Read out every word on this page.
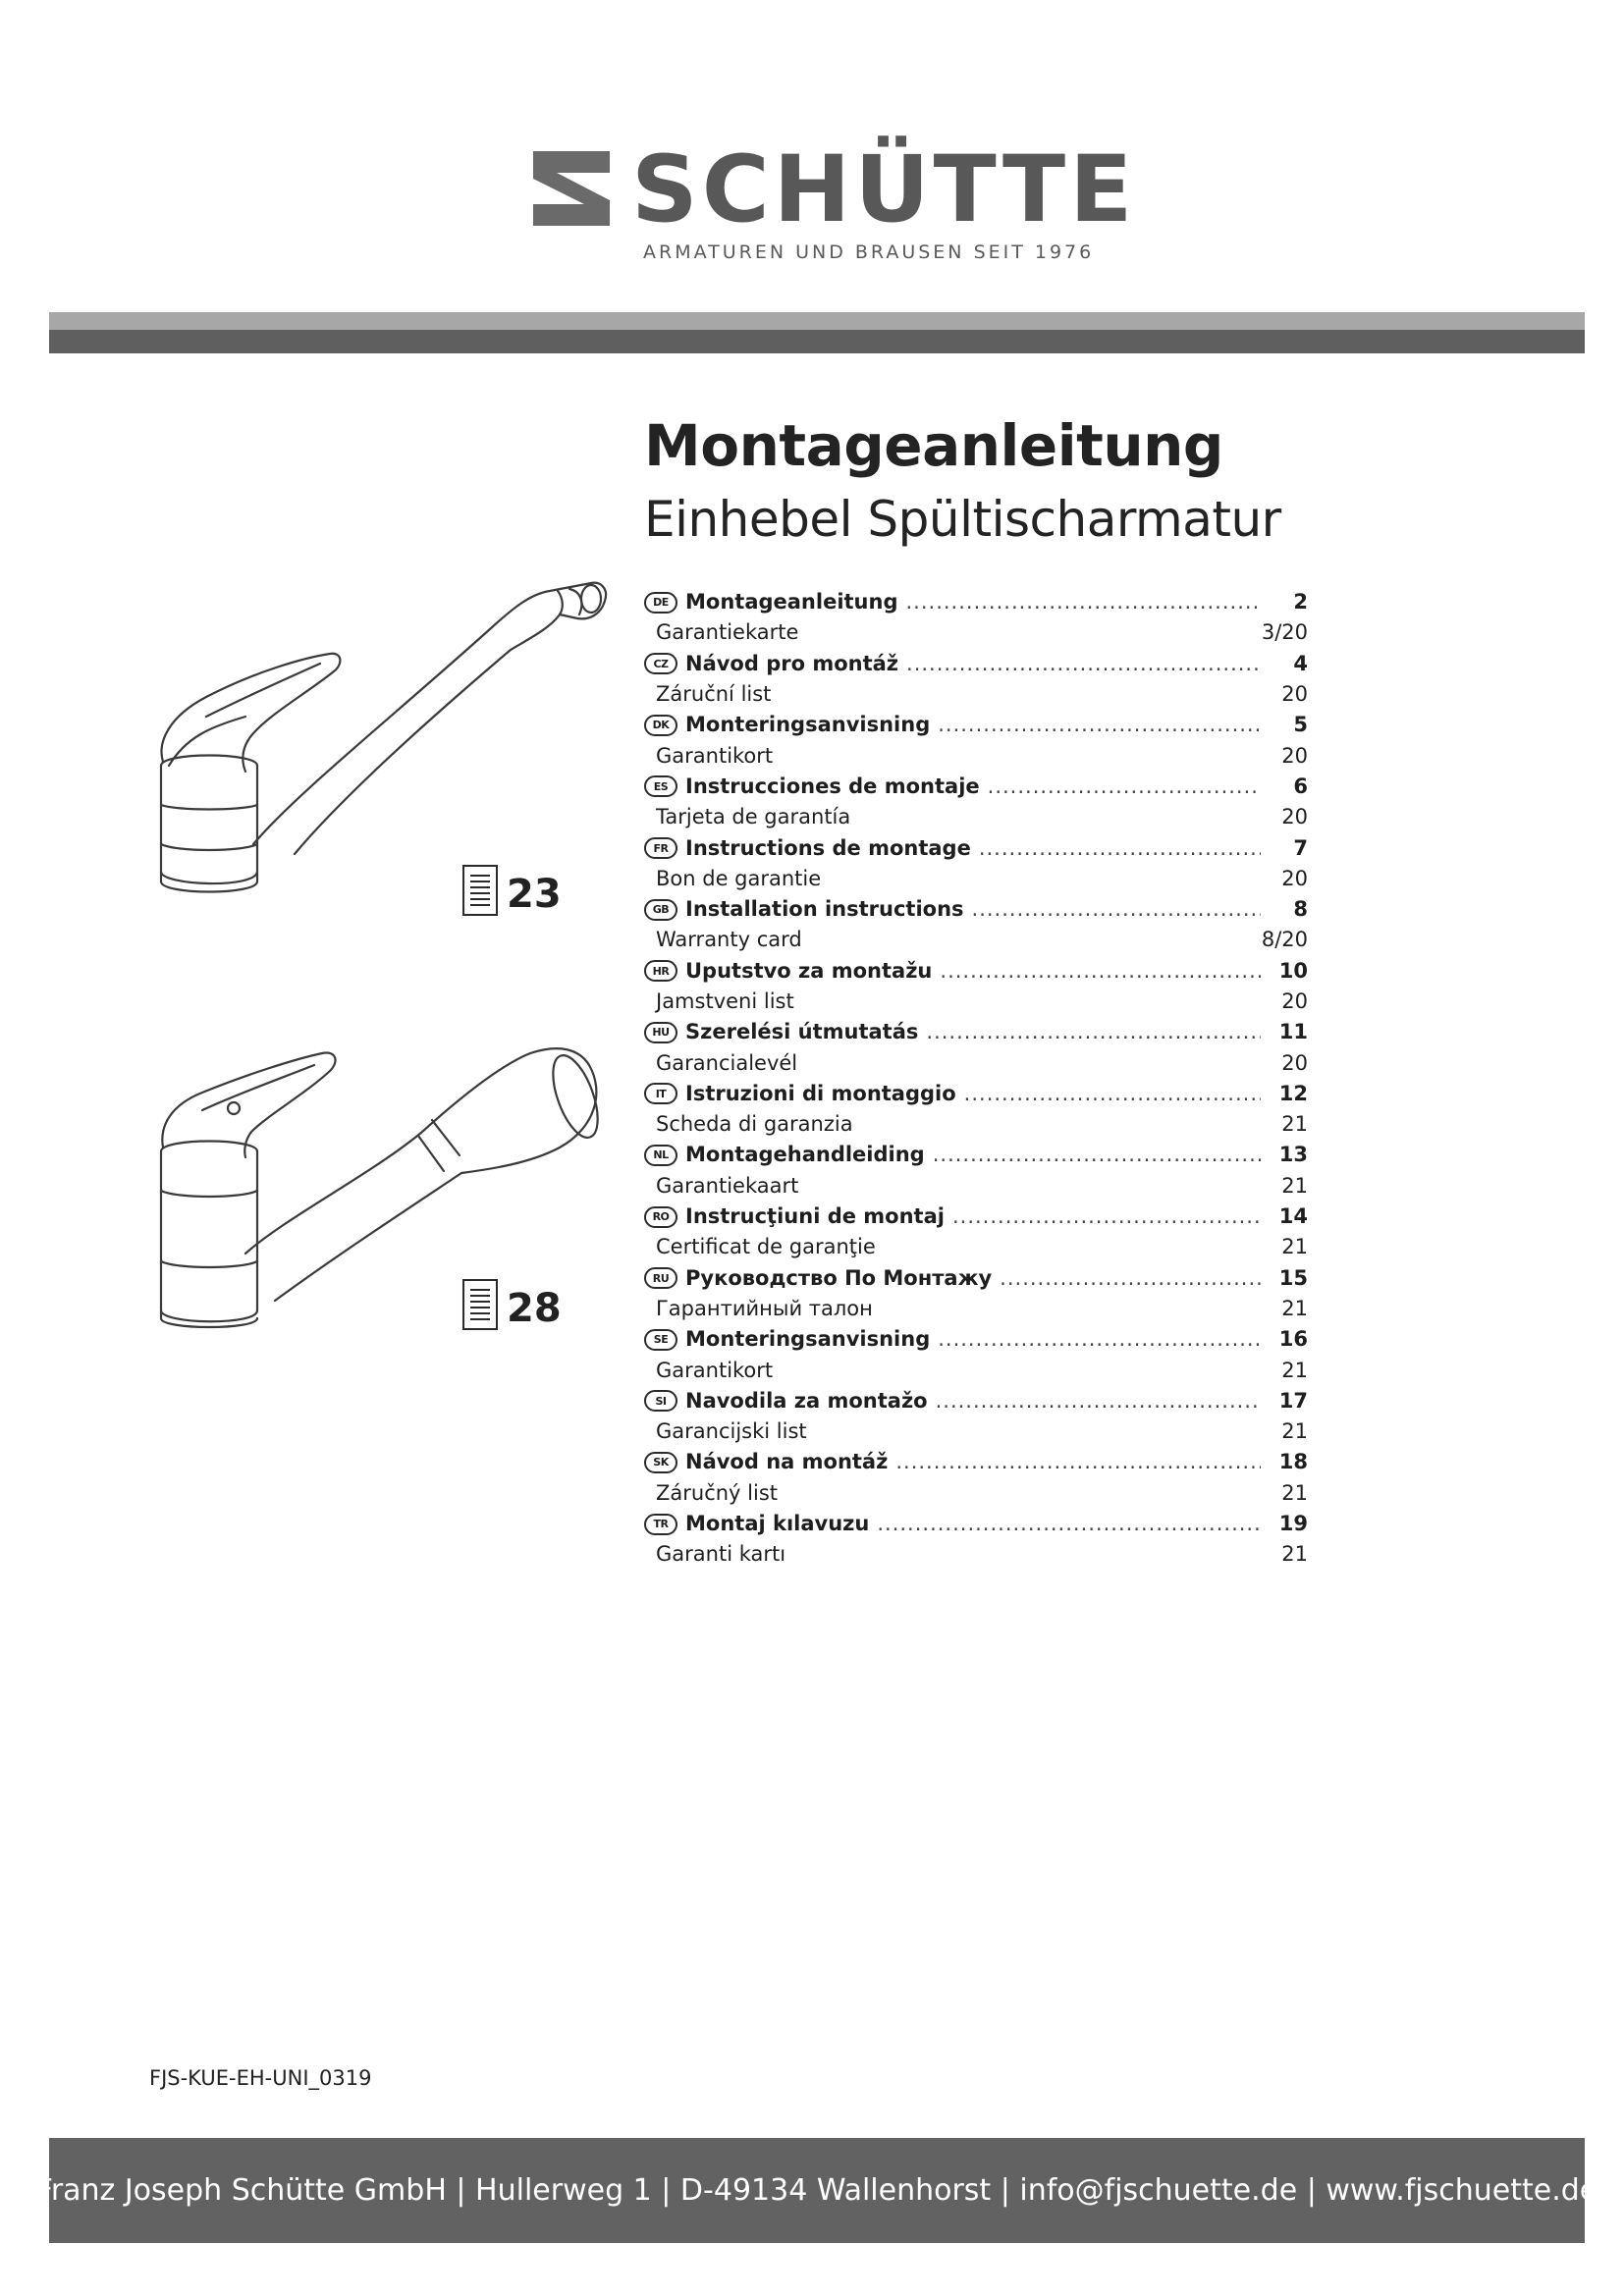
SCHÜTTE
ARMATUREN UND BRAUSEN SEIT 1976
Montageanleitung
Einhebel Spültischarmatur
23
28
DE Montageanleitung .....	2
Garantiekarte	3/20
CZ Návod pro montáž .....	4
Záruční list	20
DK Monteringsanvisning .....	5
Garantikort	20
ES Instrucciones de montaje .....	6
Tarjeta de garantía	20
FR Instructions de montage .....	7
Bon de garantie	20
GB Installation instructions .....	8
Warranty card	8/20
HR Uputstvo za montažu .....	10
Jamstveni list	20
HU Szerelési útmutatás .....	11
Garancialevél	20
IT Istruzioni di montaggio .....	12
Scheda di garanzia	21
NL Montagehandleiding .....	13
Garantiekaart	21
RO Instrucţiuni de montaj .....	14
Certificat de garanţie	21
RU Руководство По Монтажу .....	15
Гарантийный талон	21
SE Monteringsanvisning .....	16
Garantikort	21
SI Navodila za montažo .....	17
Garancijski list	21
SK Návod na montáž .....	18
Záručný list	21
TR Montaj kılavuzu .....	19
Garanti kartı	21
FJS-KUE-EH-UNI_0319
Franz Joseph Schütte GmbH | Hullerweg 1 | D-49134 Wallenhorst | info@fjschuette.de | www.fjschuette.de
